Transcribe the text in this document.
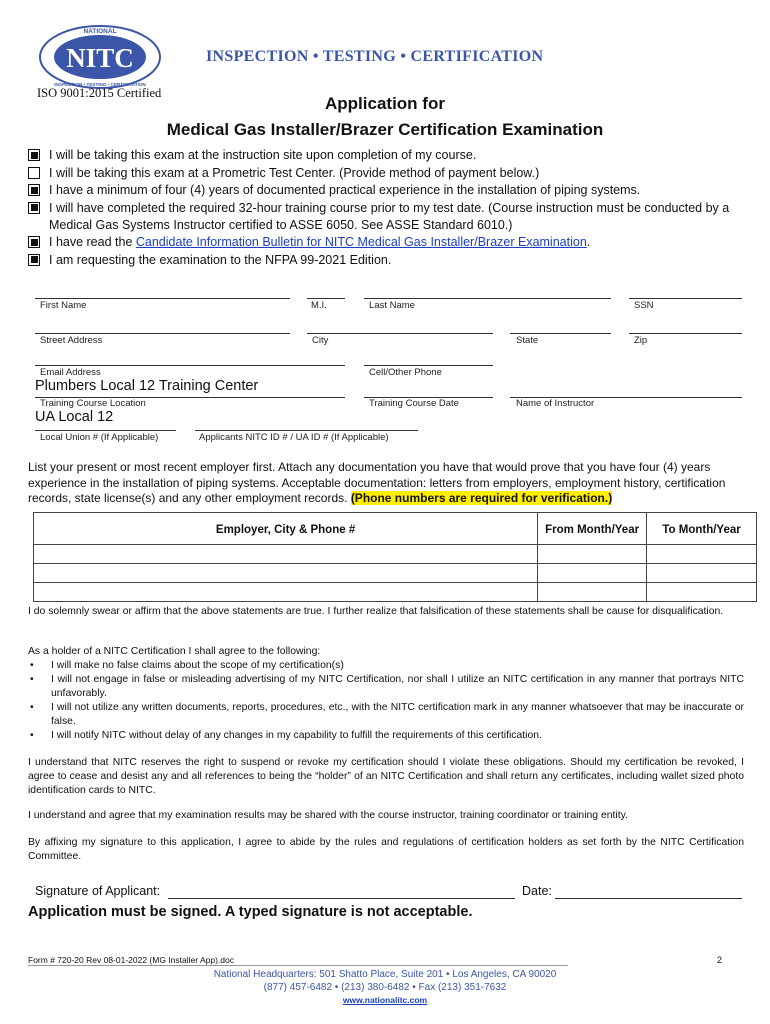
NITC
NATIONAL
INSPECTION • TESTING • CERTIFICATION
INSPECTION • TESTING • CERTIFICATION
ISO 9001:2015 Certified
Application for
Medical Gas Installer/Brazer Certification Examination
I will be taking this exam at the instruction site upon completion of my course.
I will be taking this exam at a Prometric Test Center. (Provide method of payment below.)
I have a minimum of four (4) years of documented practical experience in the installation of piping systems.
I will have completed the required 32-hour training course prior to my test date. (Course instruction must be conducted by a Medical Gas Systems Instructor certified to ASSE 6050. See ASSE Standard 6010.)
I have read the Candidate Information Bulletin for NITC Medical Gas Installer/Brazer Examination.
I am requesting the examination to the NFPA 99-2021 Edition.
First Name	M.I.	Last Name	SSN
Street Address	City	State	Zip
Email Address	Cell/Other Phone
Plumbers Local 12 Training Center
Training Course Location	Training Course Date	Name of Instructor
UA Local 12
Local Union # (If Applicable)	Applicants NITC ID # / UA ID # (If Applicable)
List your present or most recent employer first. Attach any documentation you have that would prove that you have four (4) years experience in the installation of piping systems. Acceptable documentation: letters from employers, employment history, certification records, state license(s) and any other employment records. (Phone numbers are required for verification.)
Employer, City & Phone #	From Month/Year	To Month/Year

I do solemnly swear or affirm that the above statements are true. I further realize that falsification of these statements shall be cause for disqualification.
As a holder of a NITC Certification I shall agree to the following:
•	I will make no false claims about the scope of my certification(s)
•	I will not engage in false or misleading advertising of my NITC Certification, nor shall I utilize an NITC certification in any manner that portrays NITC unfavorably.
•	I will not utilize any written documents, reports, procedures, etc., with the NITC certification mark in any manner whatsoever that may be inaccurate or false.
•	I will notify NITC without delay of any changes in my capability to fulfill the requirements of this certification.
I understand that NITC reserves the right to suspend or revoke my certification should I violate these obligations. Should my certification be revoked, I agree to cease and desist any and all references to being the “holder” of an NITC Certification and shall return any certificates, including wallet sized photo identification cards to NITC.
I understand and agree that my examination results may be shared with the course instructor, training coordinator or training entity.
By affixing my signature to this application, I agree to abide by the rules and regulations of certification holders as set forth by the NITC Certification Committee.
Signature of Applicant:	Date:
Application must be signed. A typed signature is not acceptable.
Form # 720-20 Rev 08-01-2022 (MG Installer App).doc	2
National Headquarters: 501 Shatto Place, Suite 201 • Los Angeles, CA 90020
(877) 457-6482 • (213) 380-6482 • Fax (213) 351-7632
www.nationalitc.com
